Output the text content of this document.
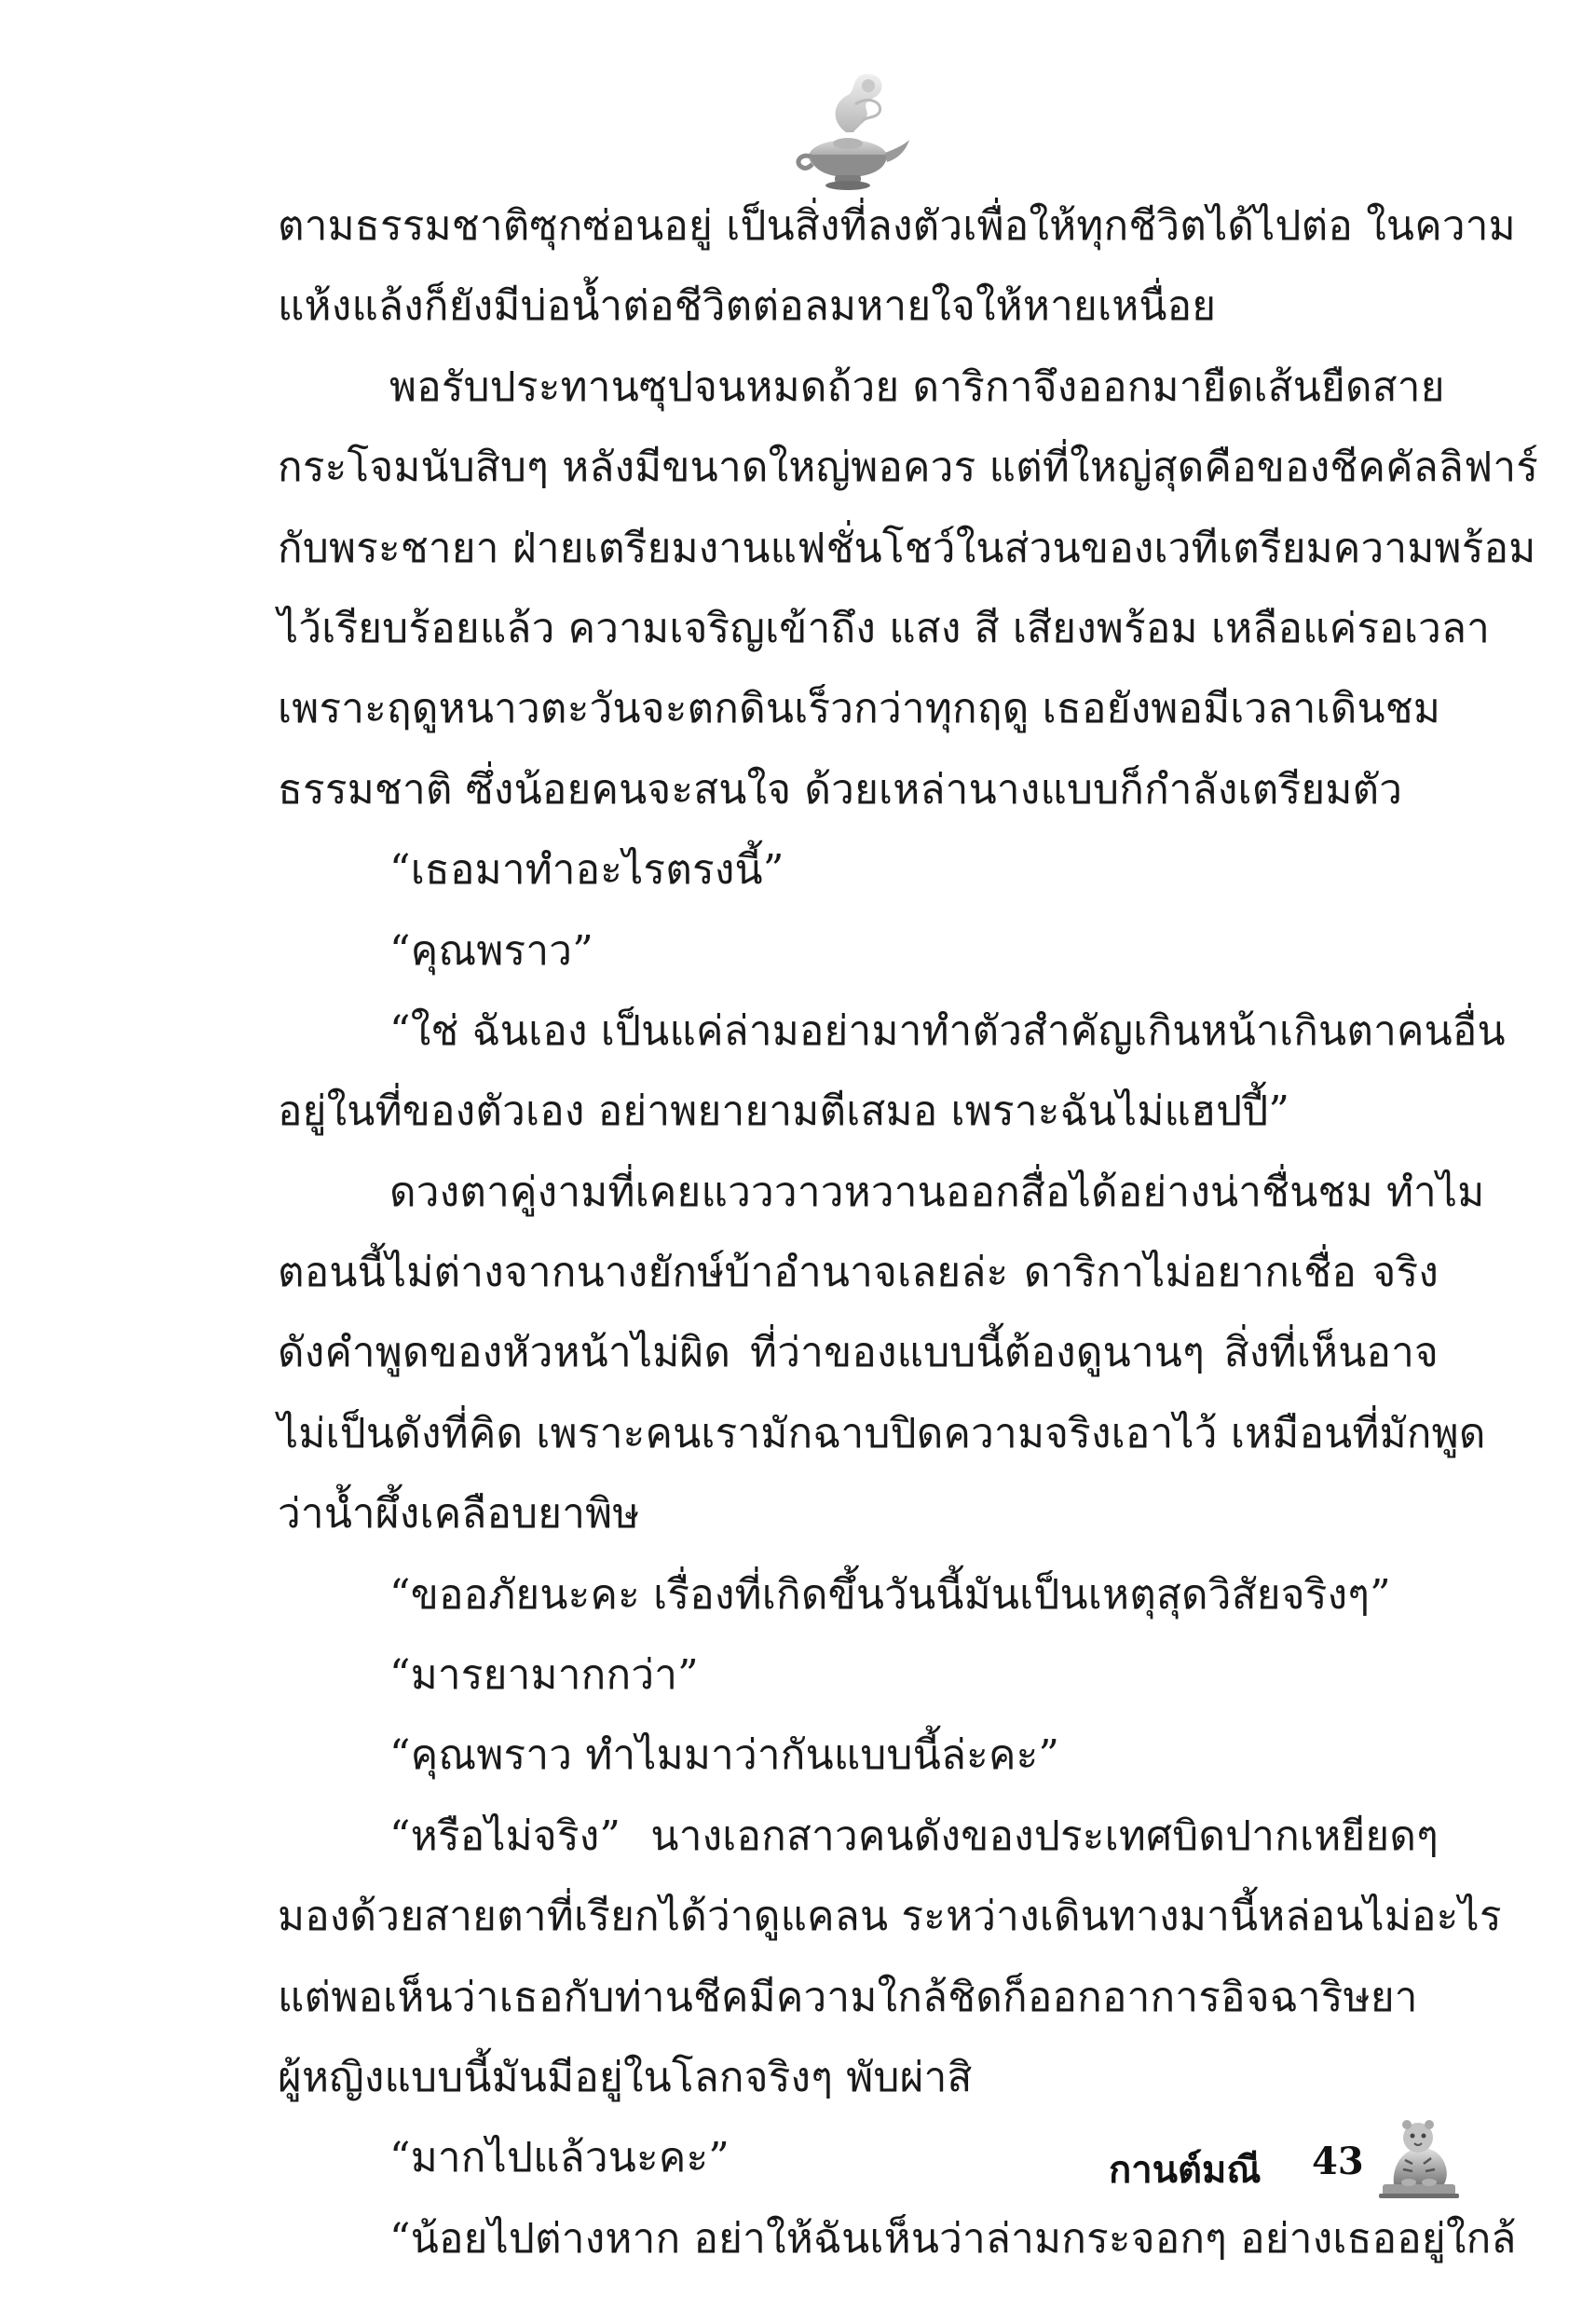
ตามธรรมชาติซุกซ่อนอยู่ เป็นสิ่งที่ลงตัวเพื่อให้ทุกชีวิตได้ไปต่อ ในความ
แห้งแล้งก็ยังมีบ่อน้ำต่อชีวิตต่อลมหายใจให้หายเหนื่อย
พอรับประทานซุปจนหมดถ้วย ดาริกาจึงออกมายืดเส้นยืดสาย
กระโจมนับสิบๆ หลังมีขนาดใหญ่พอควร แต่ที่ใหญ่สุดคือของชีคคัลลิฟาร์
กับพระชายา ฝ่ายเตรียมงานแฟชั่นโชว์ในส่วนของเวทีเตรียมความพร้อม
ไว้เรียบร้อยแล้ว ความเจริญเข้าถึง แสง สี เสียงพร้อม เหลือแค่รอเวลา
เพราะฤดูหนาวตะวันจะตกดินเร็วกว่าทุกฤดู เธอยังพอมีเวลาเดินชม
ธรรมชาติ ซึ่งน้อยคนจะสนใจ ด้วยเหล่านางแบบก็กำลังเตรียมตัว
“เธอมาทำอะไรตรงนี้”
“คุณพราว”
“ใช่ ฉันเอง เป็นแค่ล่ามอย่ามาทำตัวสำคัญเกินหน้าเกินตาคนอื่น
อยู่ในที่ของตัวเอง อย่าพยายามตีเสมอ เพราะฉันไม่แฮปปี้”
ดวงตาคู่งามที่เคยแวววาวหวานออกสื่อได้อย่างน่าชื่นชม ทำไม
ตอนนี้ไม่ต่างจากนางยักษ์บ้าอำนาจเลยล่ะ ดาริกาไม่อยากเชื่อ จริง
ดังคำพูดของหัวหน้าไม่ผิด ที่ว่าของแบบนี้ต้องดูนานๆ สิ่งที่เห็นอาจ
ไม่เป็นดังที่คิด เพราะคนเรามักฉาบปิดความจริงเอาไว้ เหมือนที่มักพูด
ว่าน้ำผึ้งเคลือบยาพิษ
“ขออภัยนะคะ เรื่องที่เกิดขึ้นวันนี้มันเป็นเหตุสุดวิสัยจริงๆ”
“มารยามากกว่า”
“คุณพราว ทำไมมาว่ากันแบบนี้ล่ะคะ”
“หรือไม่จริง” นางเอกสาวคนดังของประเทศบิดปากเหยียดๆ
มองด้วยสายตาที่เรียกได้ว่าดูแคลน ระหว่างเดินทางมานี้หล่อนไม่อะไร
แต่พอเห็นว่าเธอกับท่านชีคมีความใกล้ชิดก็ออกอาการอิจฉาริษยา
ผู้หญิงแบบนี้มันมีอยู่ในโลกจริงๆ พับผ่าสิ
“มากไปแล้วนะคะ”
“น้อยไปต่างหาก อย่าให้ฉันเห็นว่าล่ามกระจอกๆ อย่างเธออยู่ใกล้
กานต์มณี 43
